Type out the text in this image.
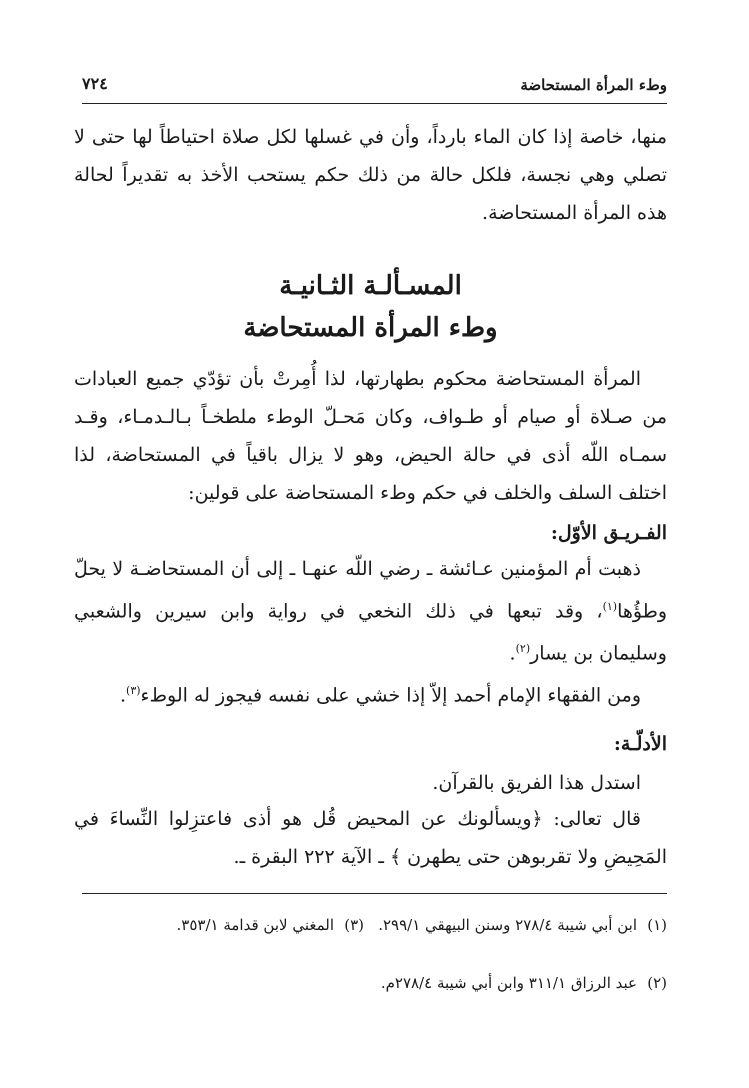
وطء المرأة المستحاضة
٧٢٤

منها، خاصة إذا كان الماء بارداً، وأن في غسلها لكل صلاة احتياطاً لها حتى لا تصلي وهي نجسة، فلكل حالة من ذلك حكم يستحب الأخذ به تقديراً لحالة هذه المرأة المستحاضة.

المسـألـة الثـانيـة
وطء المرأة المستحاضة

المرأة المستحاضة محكوم بطهارتها، لذا أُمِرتْ بأن تؤدّي جميع العبادات من صـلاة أو صيام أو طـواف، وكان مَحـلّ الوطء ملطخـاً بـالـدمـاء، وقـد سمـاه اللّه أذى في حالة الحيض، وهو لا يزال باقياً في المستحاضة، لذا اختلف السلف والخلف في حكم وطء المستحاضة على قولين:

الفـريـق الأوّل:

ذهبت أم المؤمنين عـائشة ـ رضي اللّه عنهـا ـ إلى أن المستحاضـة لا يحلّ وطؤُها$^{(١)}$، وقد تبعها في ذلك النخعي في رواية وابن سيرين والشعبي وسليمان بن يسار$^{(٢)}$.

ومن الفقهاء الإمام أحمد إلاّ إذا خشي على نفسه فيجوز له الوطء$^{(٣)}$.

الأدلّـة:

استدل هذا الفريق بالقرآن.

قال تعالى: ﴿ويسألونك عن المحيض قُل هو أذى فاعتزِلوا النِّساءَ في المَحِيضِ ولا تقربوهن حتى يطهرن ﴾ ـ الآية ٢٢٢ البقرة ـ.

(١)ابن أبي شيبة ٢٧٨/٤ وسنن البيهقي ٢٩٩/١.
(٣)المغني لابن قدامة ٣٥٣/١.
(٢)عبد الرزاق ٣١١/١ وابن أبي شيبة ٢٧٨/٤م.
